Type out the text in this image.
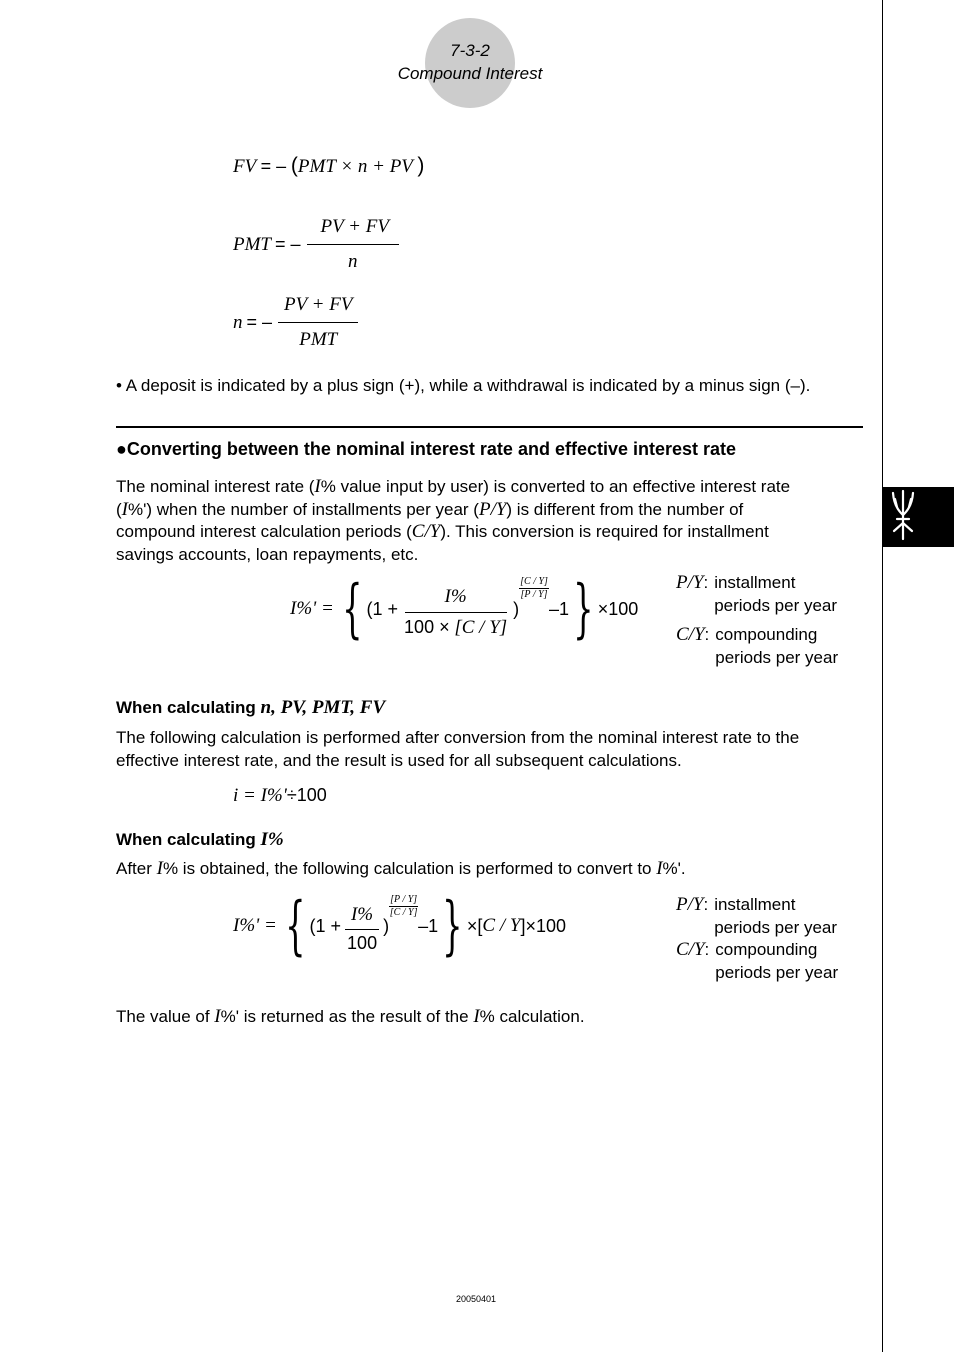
7-3-2
Compound Interest
FV = – (PMT × n + PV )
PMT = – $\frac{PV + FV}{n}$
n = – $\frac{PV + FV}{\text{PMT}}$
• A deposit is indicated by a plus sign (+), while a withdrawal is indicated by a minus sign (–).
●Converting between the nominal interest rate and effective interest rate
The nominal interest rate (I% value input by user) is converted to an effective interest rate
(I%') when the number of installments per year (P/Y) is different from the number of
compound interest calculation periods (C/Y). This conversion is required for installment
savings accounts, loan repayments, etc.
I%' = { ($1 + \frac{I\%}{100 \times [C / Y]}$ )
$\frac{[C / Y]}{[P / Y]}$
–1 } ×100
P/Y : installment
periods per year
C/Y : compounding
periods per year
When calculating n, PV, PMT, FV
The following calculation is performed after conversion from the nominal interest rate to the
effective interest rate, and the result is used for all subsequent calculations.
i = I%'÷100
When calculating I%
After I% is obtained, the following calculation is performed to convert to I%'.
I%' = { ($1 + \frac{I\%}{100}$ )
$\frac{[P / Y]}{[C / Y]}$
–1 } ×[ C / Y ]×100
P/Y : installment
periods per year
C/Y : compounding
periods per year
The value of I%' is returned as the result of the I% calculation.
20050401
